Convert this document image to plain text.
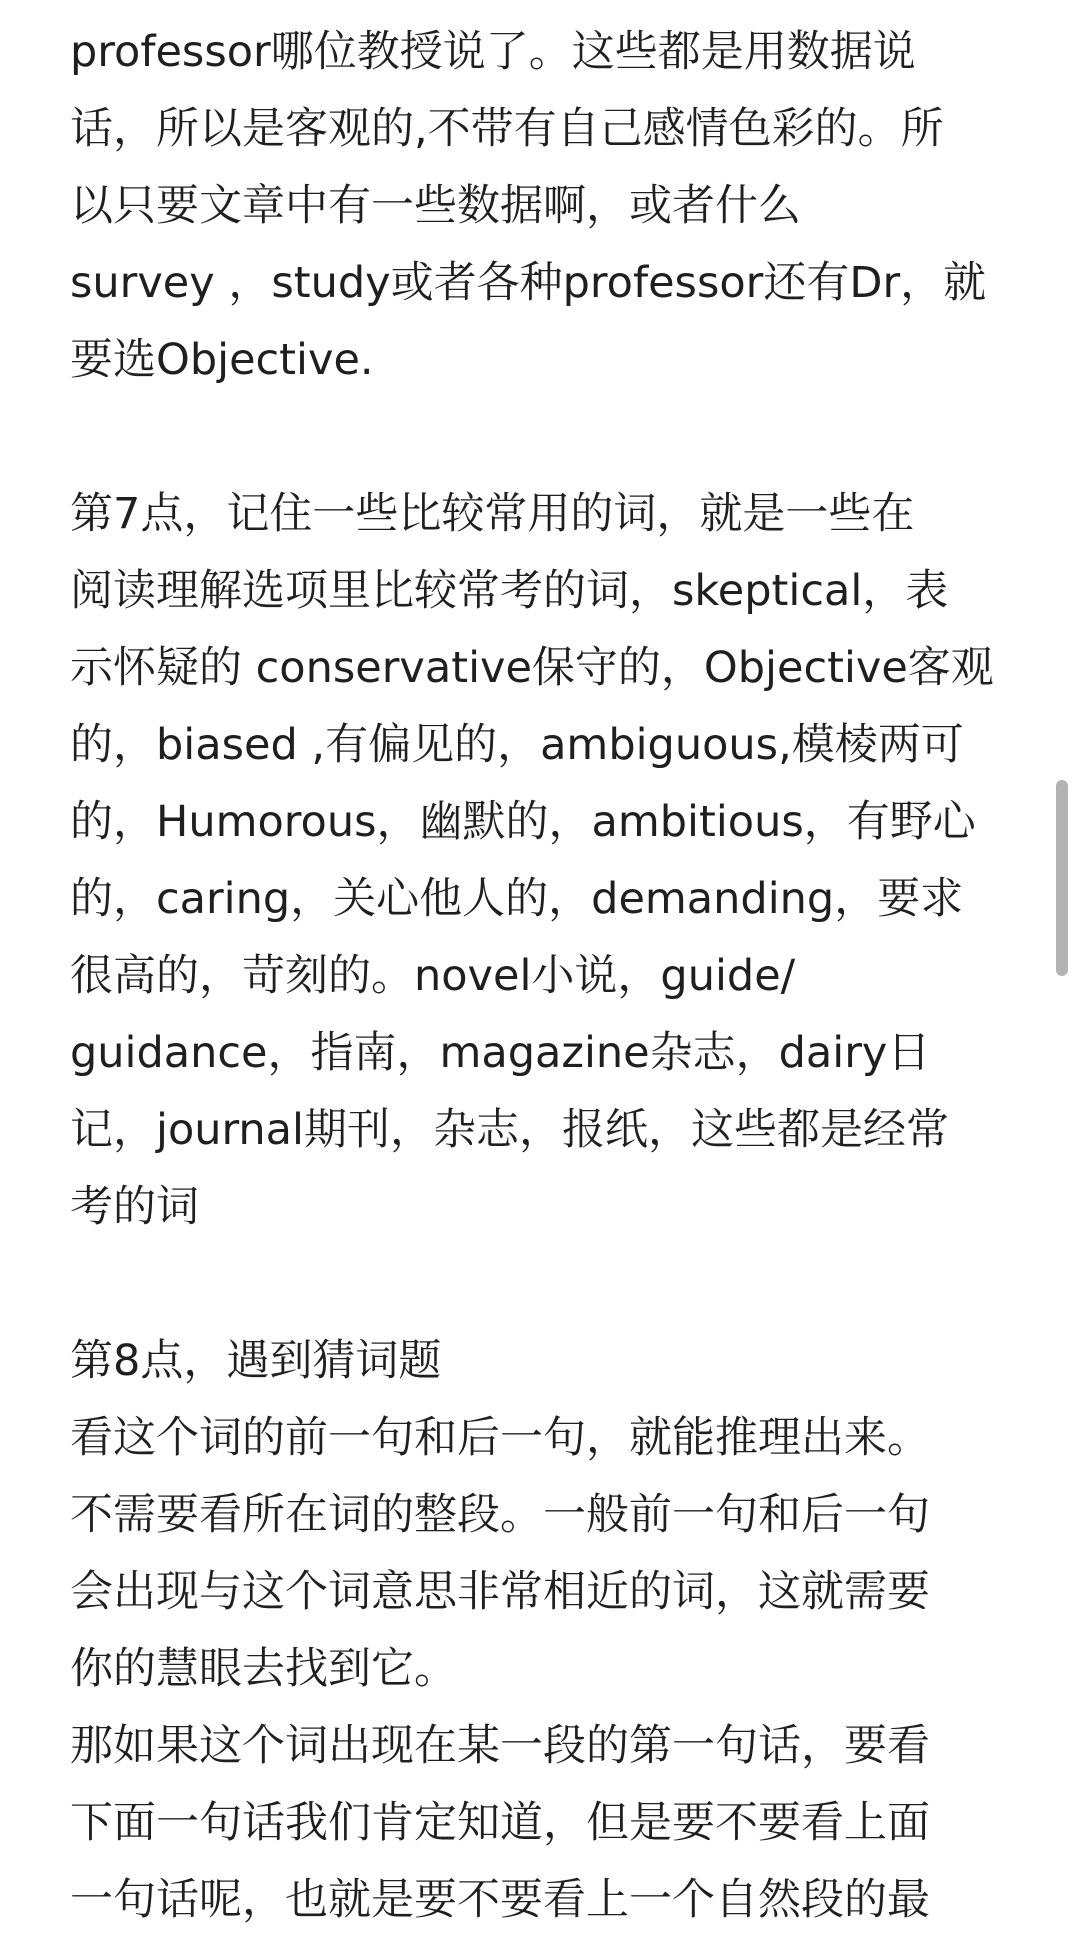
professor哪位教授说了。这些都是用数据说
话，所以是客观的,不带有自己感情色彩的。所
以只要文章中有一些数据啊，或者什么
survey ，study或者各种professor还有Dr，就
要选Objective.
第7点，记住一些比较常用的词，就是一些在
阅读理解选项里比较常考的词，skeptical，表
示怀疑的 conservative保守的，Objective客观
的，biased ,有偏见的，ambiguous,模棱两可
的，Humorous，幽默的，ambitious，有野心
的，caring，关心他人的，demanding，要求
很高的，苛刻的。novel小说，guide/
guidance，指南，magazine杂志，dairy日
记，journal期刊，杂志，报纸，这些都是经常
考的词
第8点，遇到猜词题
看这个词的前一句和后一句，就能推理出来。
不需要看所在词的整段。一般前一句和后一句
会出现与这个词意思非常相近的词，这就需要
你的慧眼去找到它。
那如果这个词出现在某一段的第一句话，要看
下面一句话我们肯定知道，但是要不要看上面
一句话呢，也就是要不要看上一个自然段的最
